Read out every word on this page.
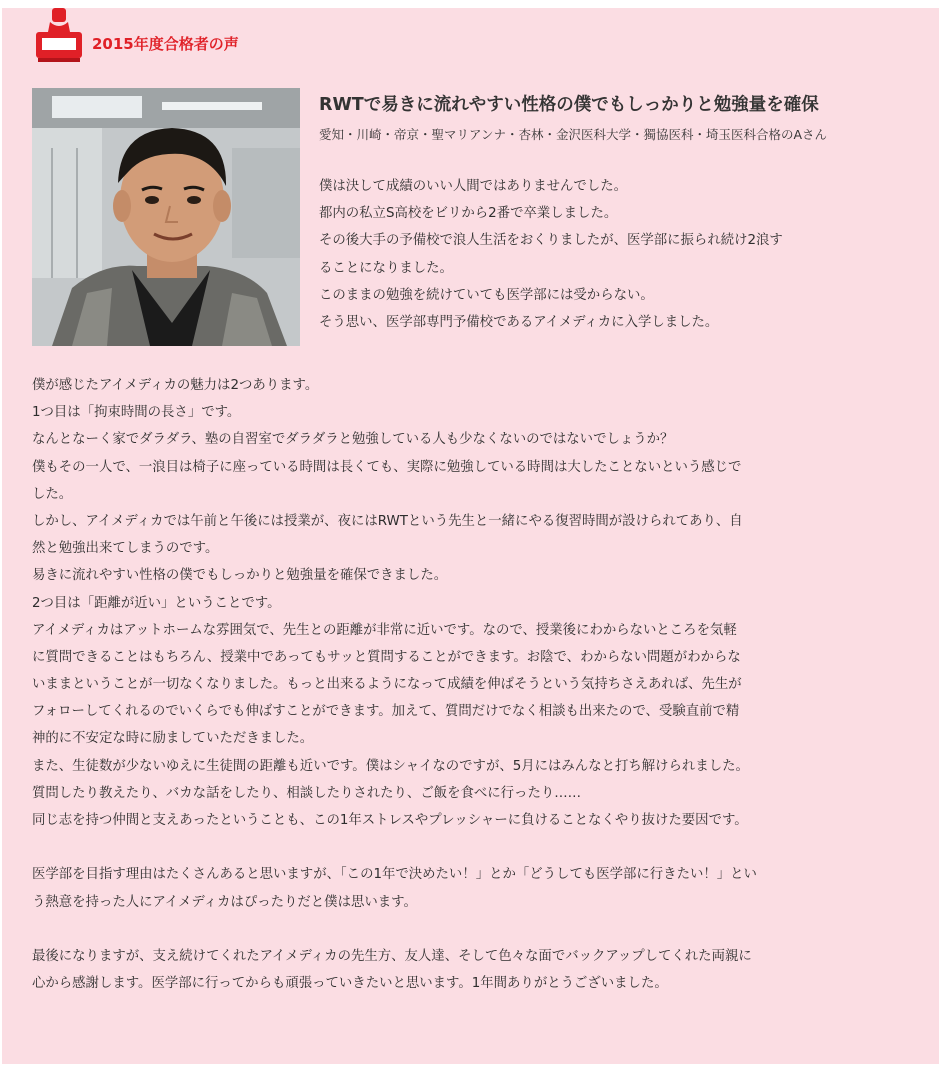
2015年度合格者の声
RWTで易きに流れやすい性格の僕でもしっかりと勉強量を確保
愛知・川崎・帝京・聖マリアンナ・杏林・金沢医科大学・獨協医科・埼玉医科合格のAさん
僕は決して成績のいい人間ではありませんでした。
都内の私立S高校をビリから2番で卒業しました。
その後大手の予備校で浪人生活をおくりましたが、医学部に振られ続け2浪す
ることになりました。
このままの勉強を続けていても医学部には受からない。
そう思い、医学部専門予備校であるアイメディカに入学しました。
僕が感じたアイメディカの魅力は2つあります。
1つ目は「拘束時間の長さ」です。
なんとなーく家でダラダラ、塾の自習室でダラダラと勉強している人も少なくないのではないでしょうか？
僕もその一人で、一浪目は椅子に座っている時間は長くても、実際に勉強している時間は大したことないという感じで
した。
しかし、アイメディカでは午前と午後には授業が、夜にはRWTという先生と一緒にやる復習時間が設けられてあり、自
然と勉強出来てしまうのです。
易きに流れやすい性格の僕でもしっかりと勉強量を確保できました。
2つ目は「距離が近い」ということです。
アイメディカはアットホームな雰囲気で、先生との距離が非常に近いです。なので、授業後にわからないところを気軽
に質問できることはもちろん、授業中であってもサッと質問することができます。お陰で、わからない問題がわからな
いままということが一切なくなりました。もっと出来るようになって成績を伸ばそうという気持ちさえあれば、先生が
フォローしてくれるのでいくらでも伸ばすことができます。加えて、質問だけでなく相談も出来たので、受験直前で精
神的に不安定な時に励ましていただきました。
また、生徒数が少ないゆえに生徒間の距離も近いです。僕はシャイなのですが、5月にはみんなと打ち解けられました。
質問したり教えたり、バカな話をしたり、相談したりされたり、ご飯を食べに行ったり……
同じ志を持つ仲間と支えあったということも、この1年ストレスやプレッシャーに負けることなくやり抜けた要因です。
医学部を目指す理由はたくさんあると思いますが、「この1年で決めたい！」とか「どうしても医学部に行きたい！」とい
う熱意を持った人にアイメディカはぴったりだと僕は思います。
最後になりますが、支え続けてくれたアイメディカの先生方、友人達、そして色々な面でバックアップしてくれた両親に
心から感謝します。医学部に行ってからも頑張っていきたいと思います。1年間ありがとうございました。
